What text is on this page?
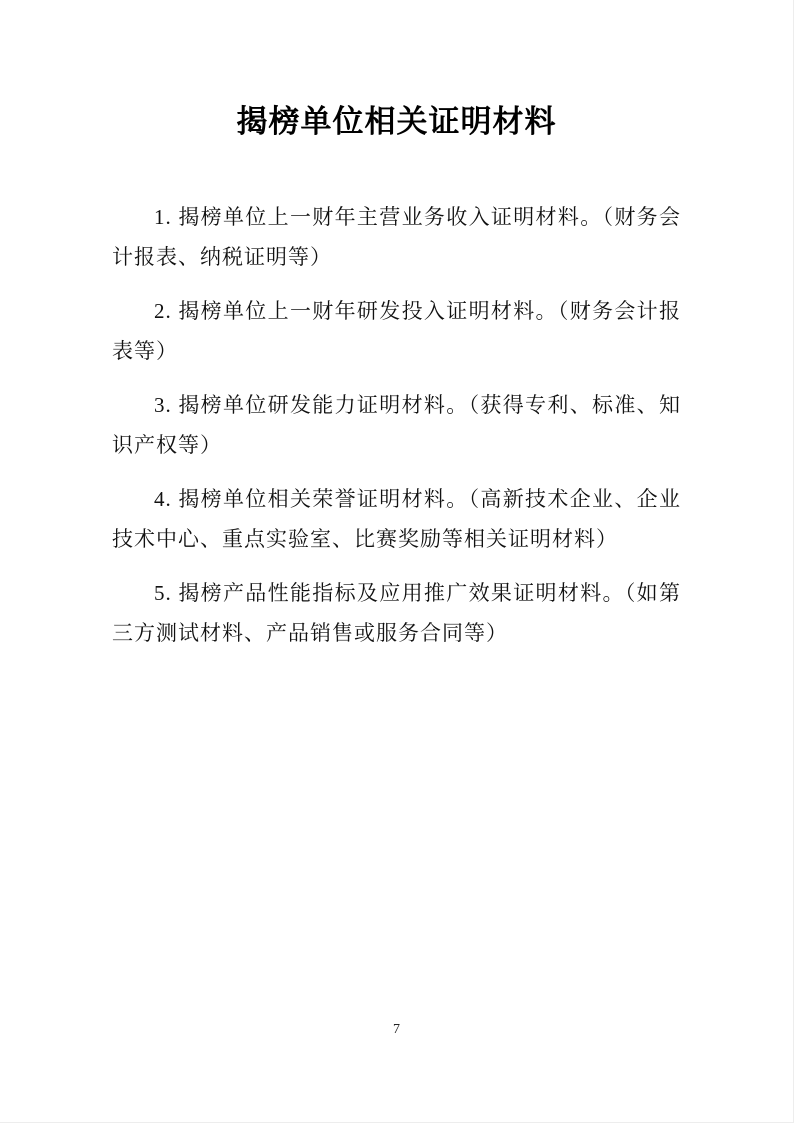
揭榜单位相关证明材料

1. 揭榜单位上一财年主营业务收入证明材料。（财务会计报表、纳税证明等）

2. 揭榜单位上一财年研发投入证明材料。（财务会计报表等）

3. 揭榜单位研发能力证明材料。（获得专利、标准、知识产权等）

4. 揭榜单位相关荣誉证明材料。（高新技术企业、企业技术中心、重点实验室、比赛奖励等相关证明材料）

5. 揭榜产品性能指标及应用推广效果证明材料。（如第三方测试材料、产品销售或服务合同等）

7
